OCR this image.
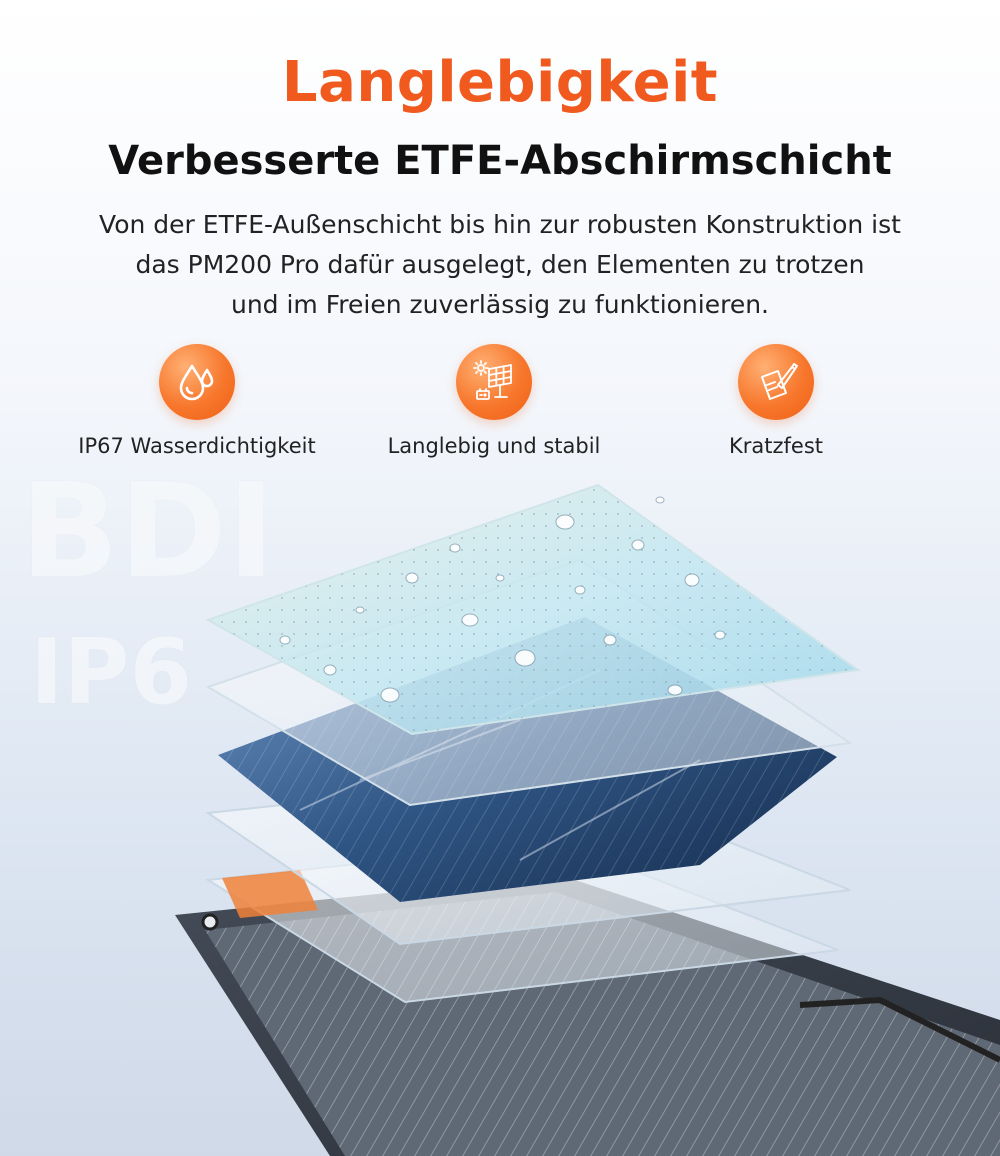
BDI
IP6
Langlebigkeit
Verbesserte ETFE-Abschirmschicht
Von der ETFE-Außenschicht bis hin zur robusten Konstruktion ist
das PM200 Pro dafür ausgelegt, den Elementen zu trotzen
und im Freien zuverlässig zu funktionieren.
IP67 Wasserdichtigkeit	Langlebig und stabil	Kratzfest
